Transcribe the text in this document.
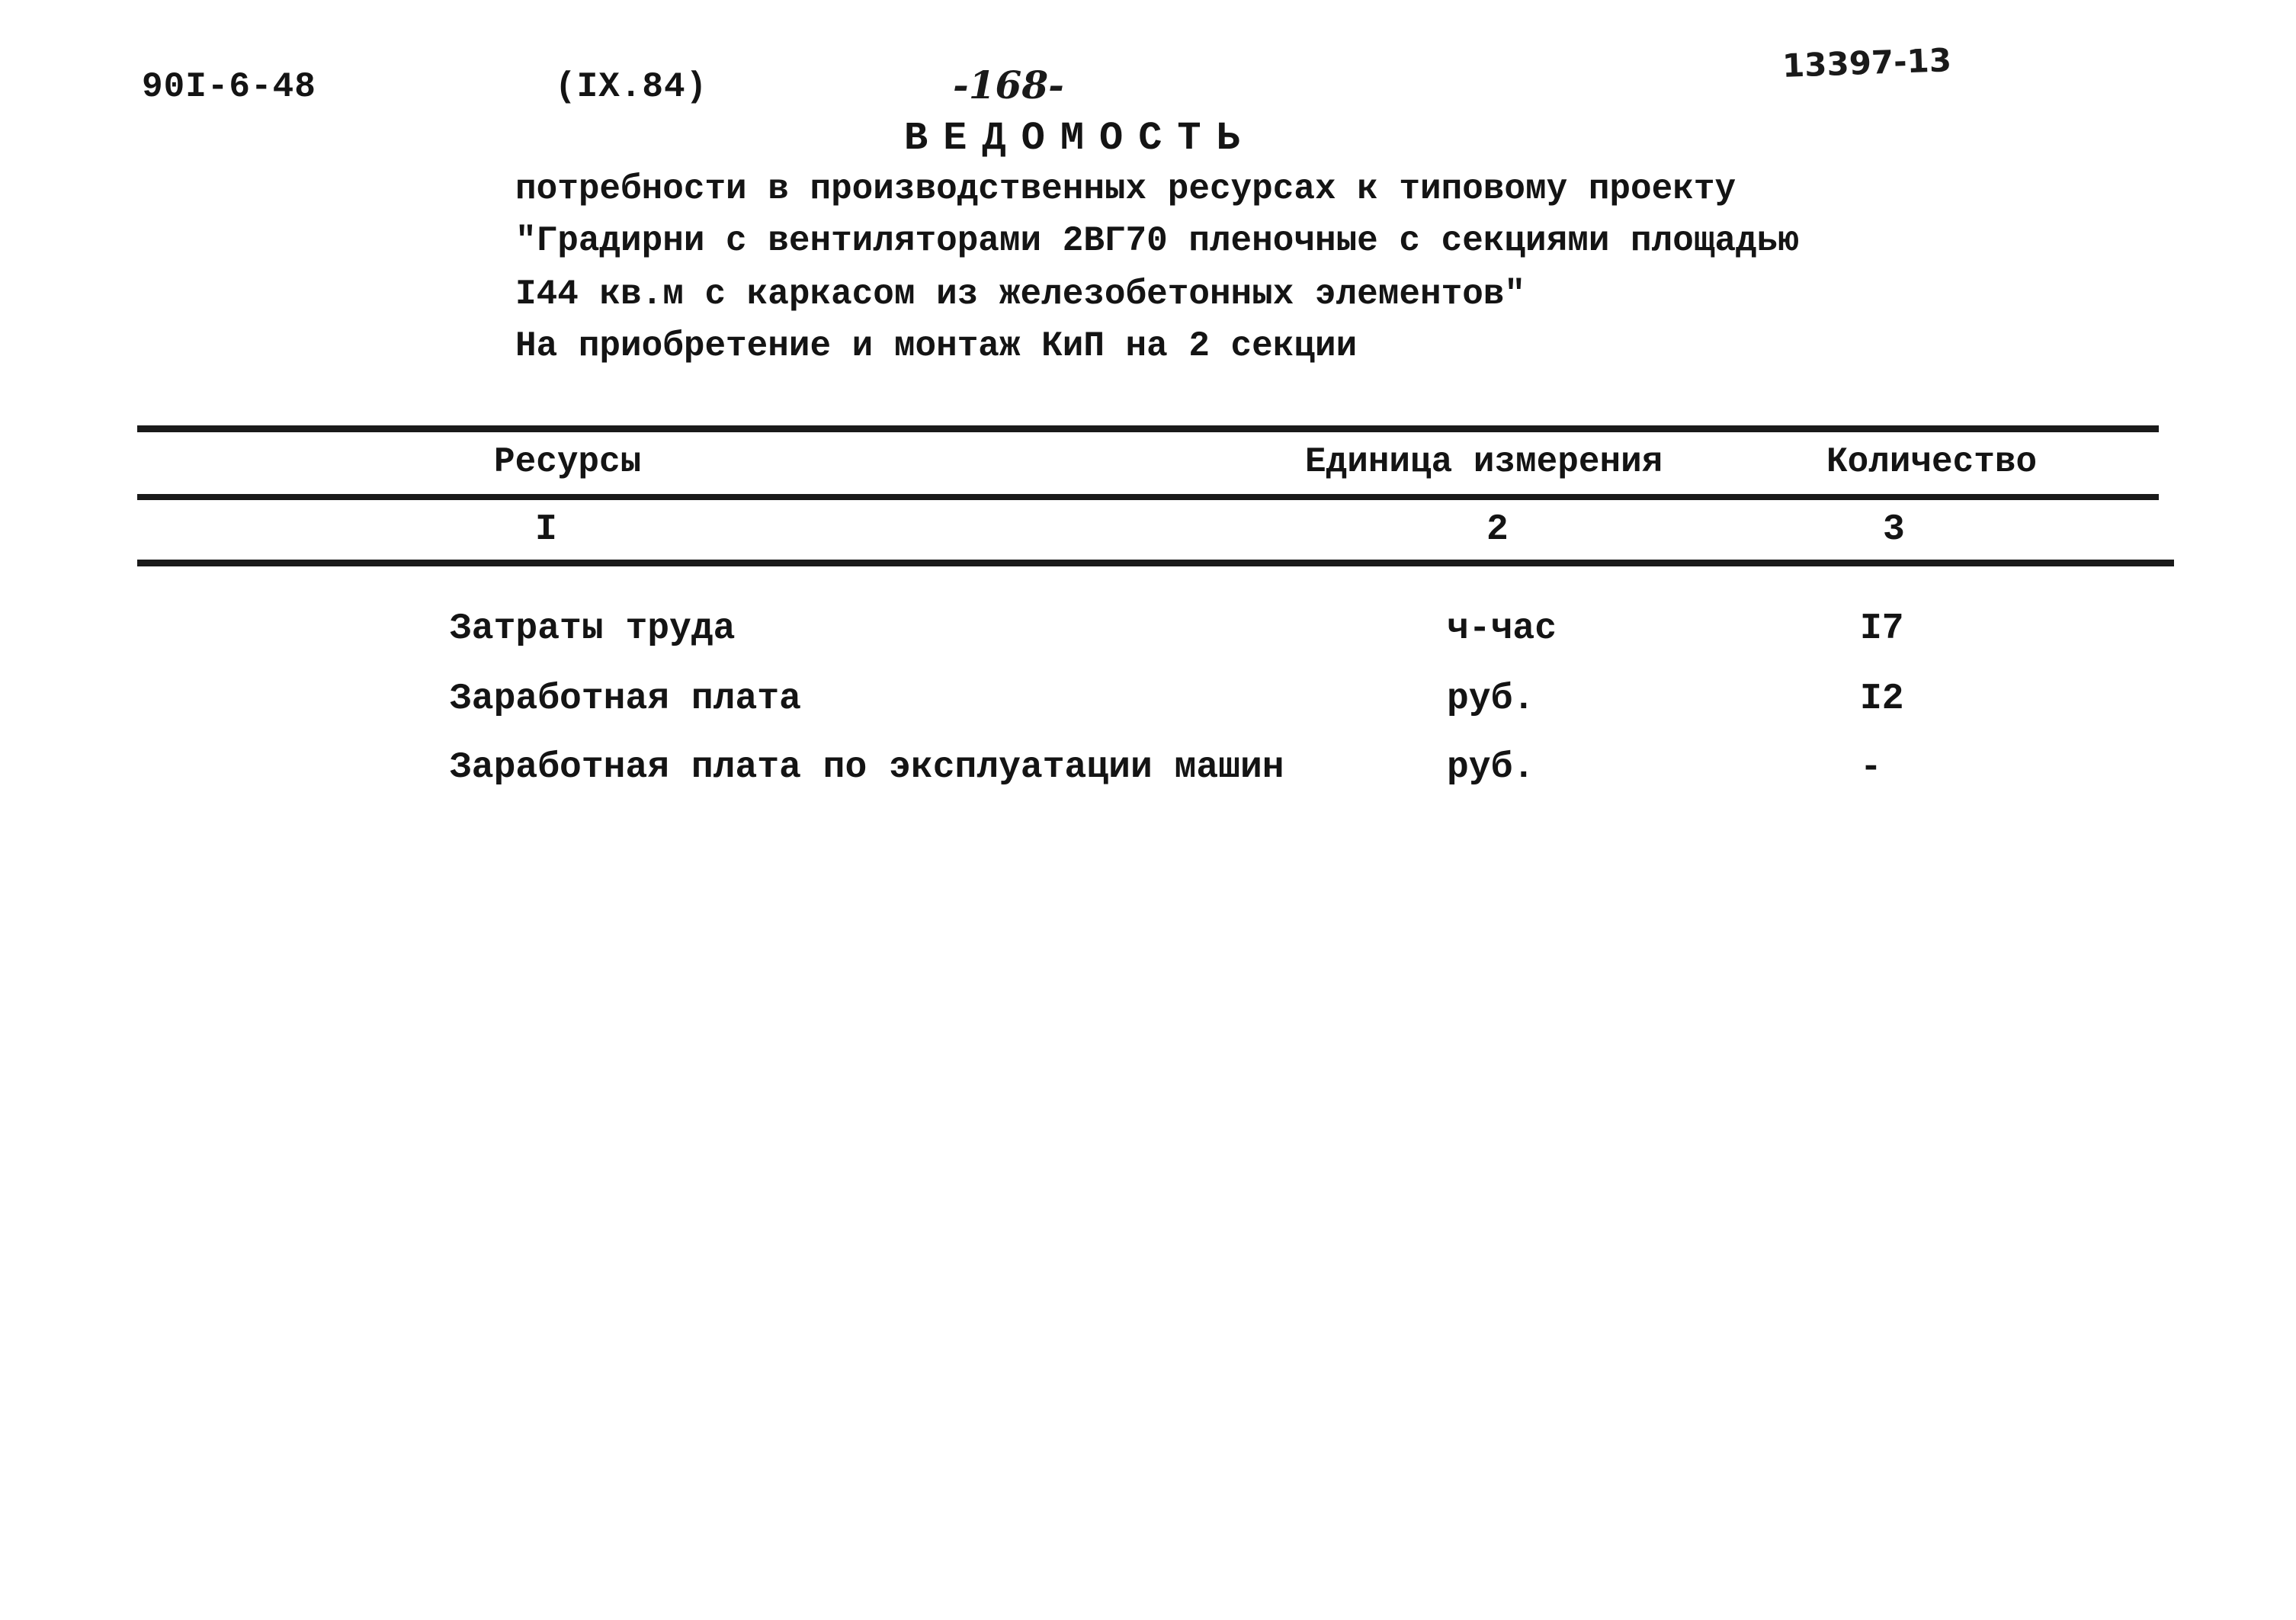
90I-6-48	(IX.84)	-168-	13397-13
ВЕДОМОСТЬ
потребности в производственных ресурсах к типовому проекту
"Градирни с вентиляторами 2ВГ70 пленочные с секциями площадью
I44 кв.м с каркасом из железобетонных элементов"
На приобретение и монтаж КиП на 2 секции
Ресурсы	Единица измерения	Количество
I	2	3
Затраты труда	ч-час	I7
Заработная плата	руб.	I2
Заработная плата по эксплуатации машин	руб.	-
